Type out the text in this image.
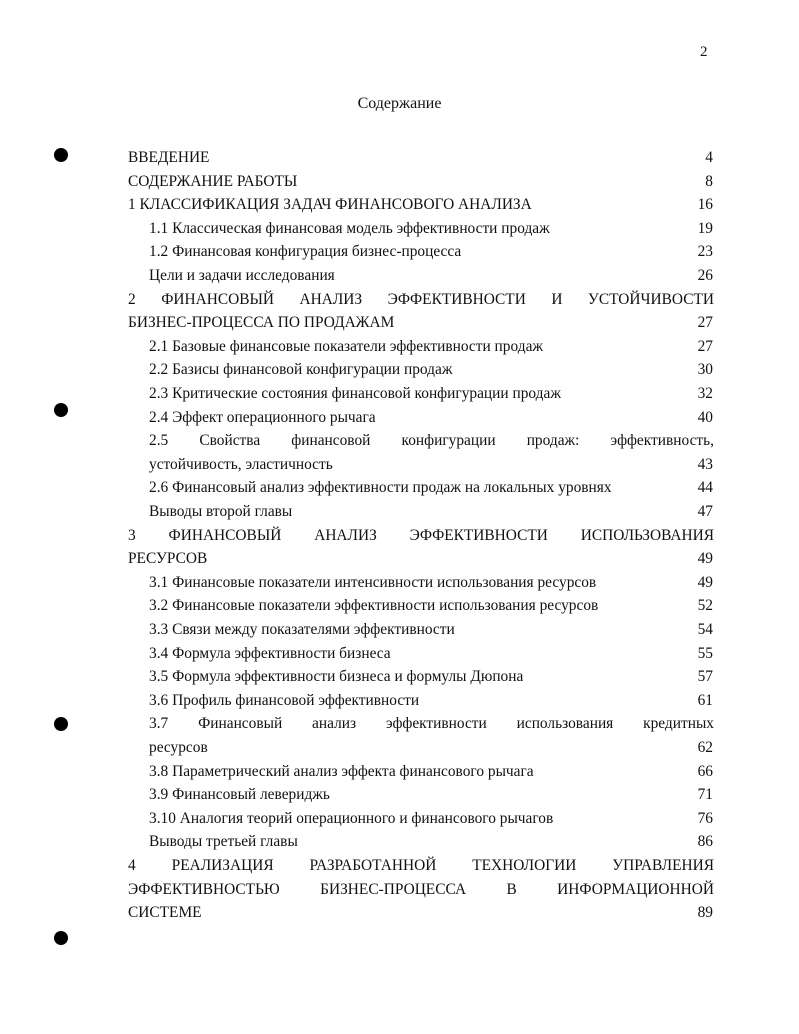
2
Содержание
ВВЕДЕНИЕ	4
СОДЕРЖАНИЕ РАБОТЫ	8
1 КЛАССИФИКАЦИЯ ЗАДАЧ ФИНАНСОВОГО АНАЛИЗА	16
1.1 Классическая финансовая модель эффективности продаж	19
1.2 Финансовая конфигурация бизнес-процесса	23
Цели и задачи исследования	26
2 ФИНАНСОВЫЙ АНАЛИЗ ЭФФЕКТИВНОСТИ И УСТОЙЧИВОСТИ
БИЗНЕС-ПРОЦЕССА ПО ПРОДАЖАМ	27
2.1 Базовые финансовые показатели эффективности продаж	27
2.2 Базисы финансовой конфигурации продаж	30
2.3 Критические состояния финансовой конфигурации продаж	32
2.4 Эффект операционного рычага	40
2.5 Свойства финансовой конфигурации продаж: эффективность,
устойчивость, эластичность	43
2.6 Финансовый анализ эффективности продаж на локальных уровнях	44
Выводы второй главы	47
3 ФИНАНСОВЫЙ АНАЛИЗ ЭФФЕКТИВНОСТИ ИСПОЛЬЗОВАНИЯ
РЕСУРСОВ	49
3.1 Финансовые показатели интенсивности использования ресурсов	49
3.2 Финансовые показатели эффективности использования ресурсов	52
3.3 Связи между показателями эффективности	54
3.4 Формула эффективности бизнеса	55
3.5 Формула эффективности бизнеса и формулы Дюпона	57
3.6 Профиль финансовой эффективности	61
3.7 Финансовый анализ эффективности использования кредитных
ресурсов	62
3.8 Параметрический анализ эффекта финансового рычага	66
3.9 Финансовый левериджь	71
3.10 Аналогия теорий операционного и финансового рычагов	76
Выводы третьей главы	86
4 РЕАЛИЗАЦИЯ РАЗРАБОТАННОЙ ТЕХНОЛОГИИ УПРАВЛЕНИЯ
ЭФФЕКТИВНОСТЬЮ БИЗНЕС-ПРОЦЕССА В ИНФОРМАЦИОННОЙ
СИСТЕМЕ	89
